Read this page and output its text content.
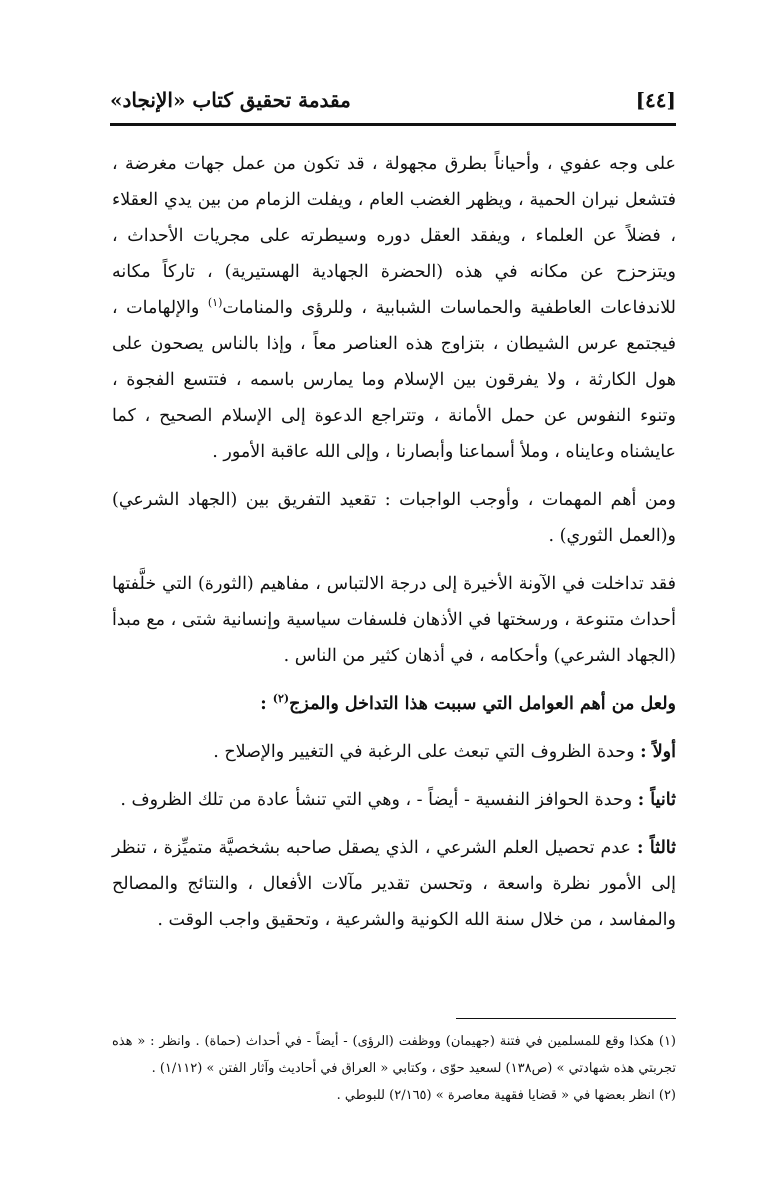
[٤٤]
مقدمة تحقيق كتاب «الإنجاد»

على وجه عفوي ، وأحياناً بطرق مجهولة ، قد تكون من عمل جهات مغرضة ، فتشعل نيران الحمية ، ويظهر الغضب العام ، ويفلت الزمام من بين يدي العقلاء ، فضلاً عن العلماء ، ويفقد العقل دوره وسيطرته على مجريات الأحداث ، ويتزحزح عن مكانه في هذه (الحضرة الجهادية الهستيرية) ، تاركاً مكانه للاندفاعات العاطفية والحماسات الشبابية ، وللرؤى والمنامات$^{(١)}$ والإلهامات ، فيجتمع عرس الشيطان ، بتزاوج هذه العناصر معاً ، وإذا بالناس يصحون على هول الكارثة ، ولا يفرقون بين الإسلام وما يمارس باسمه ، فتتسع الفجوة ، وتنوء النفوس عن حمل الأمانة ، وتتراجع الدعوة إلى الإسلام الصحيح ، كما عايشناه وعايناه ، وملأ أسماعنا وأبصارنا ، وإلى الله عاقبة الأمور .

ومن أهم المهمات ، وأوجب الواجبات : تقعيد التفريق بين (الجهاد الشرعي) و(العمل الثوري) .

فقد تداخلت في الآونة الأخيرة إلى درجة الالتباس ، مفاهيم (الثورة) التي خلَّفتها أحداث متنوعة ، ورسختها في الأذهان فلسفات سياسية وإنسانية شتى ، مع مبدأ (الجهاد الشرعي) وأحكامه ، في أذهان كثير من الناس .

ولعل من أهم العوامل التي سببت هذا التداخل والمزج$^{(٢)}$ :

أولاً : وحدة الظروف التي تبعث على الرغبة في التغيير والإصلاح .

ثانياً : وحدة الحوافز النفسية - أيضاً - ، وهي التي تنشأ عادة من تلك الظروف .

ثالثاً : عدم تحصيل العلم الشرعي ، الذي يصقل صاحبه بشخصيَّة متميِّزة ، تنظر إلى الأمور نظرة واسعة ، وتحسن تقدير مآلات الأفعال ، والنتائج والمصالح والمفاسد ، من خلال سنة الله الكونية والشرعية ، وتحقيق واجب الوقت .

(١) هكذا وقع للمسلمين في فتنة (جهيمان) ووظفت (الرؤى) - أيضاً - في أحداث (حماة) . وانظر : « هذه تجربتي هذه شهادتي » (ص١٣٨) لسعيد حوّى ، وكتابي « العراق في أحاديث وآثار الفتن » (١/١١٢) .

(٢) انظر بعضها في « قضايا فقهية معاصرة » (٢/١٦٥) للبوطي .
